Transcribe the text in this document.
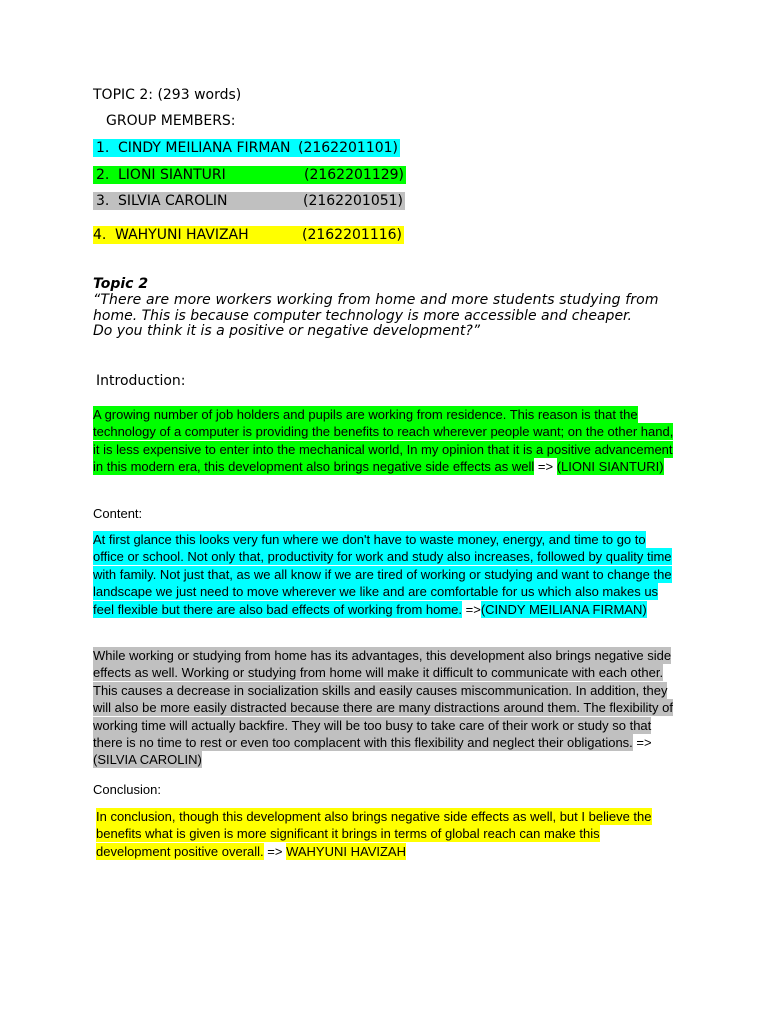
TOPIC 2: (293 words)
GROUP MEMBERS:
1. CINDY MEILIANA FIRMAN (2162201101)
2. LIONI SIANTURI	(2162201129)
3. SILVIA CAROLIN	(2162201051)
4. WAHYUNI HAVIZAH	(2162201116)
Topic 2
“There are more workers working from home and more students studying from
home. This is because computer technology is more accessible and cheaper.
Do you think it is a positive or negative development?”
Introduction:
A growing number of job holders and pupils are working from residence. This reason is that the technology of a computer is providing the benefits to reach wherever people want; on the other hand, it is less expensive to enter into the mechanical world, In my opinion that it is a positive advancement in this modern era, this development also brings negative side effects as well => (LIONI SIANTURI)
Content:
At first glance this looks very fun where we don't have to waste money, energy, and time to go to office or school. Not only that, productivity for work and study also increases, followed by quality time with family. Not just that, as we all know if we are tired of working or studying and want to change the landscape we just need to move wherever we like and are comfortable for us which also makes us feel flexible but there are also bad effects of working from home. =>(CINDY MEILIANA FIRMAN)
While working or studying from home has its advantages, this development also brings negative side effects as well. Working or studying from home will make it difficult to communicate with each other. This causes a decrease in socialization skills and easily causes miscommunication. In addition, they will also be more easily distracted because there are many distractions around them. The flexibility of working time will actually backfire. They will be too busy to take care of their work or study so that there is no time to rest or even too complacent with this flexibility and neglect their obligations. => (SILVIA CAROLIN)
Conclusion:
In conclusion, though this development also brings negative side effects as well, but I believe the benefits what is given is more significant it brings in terms of global reach can make this development positive overall. => WAHYUNI HAVIZAH
